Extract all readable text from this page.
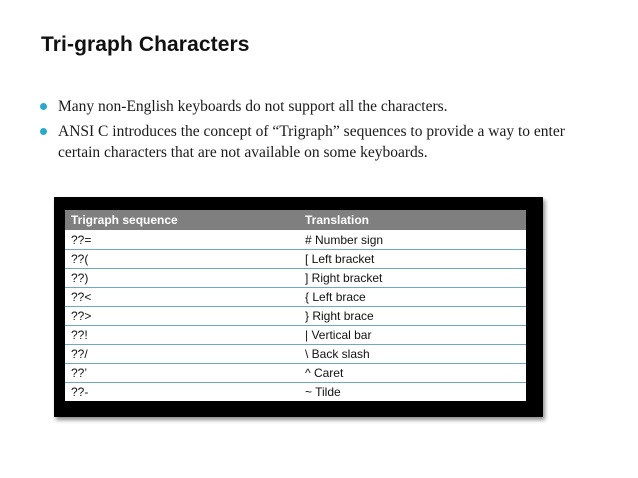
Tri-graph Characters
Many non-English keyboards do not support all the characters.
ANSI C introduces the concept of “Trigraph” sequences to provide a way to enter certain characters that are not available on some keyboards.
Trigraph sequence	Translation
??=	# Number sign
??(	[ Left bracket
??)	] Right bracket
??<	{ Left brace
??>	} Right brace
??!	| Vertical bar
??/	\ Back slash
??’	^ Caret
??-	~ Tilde
